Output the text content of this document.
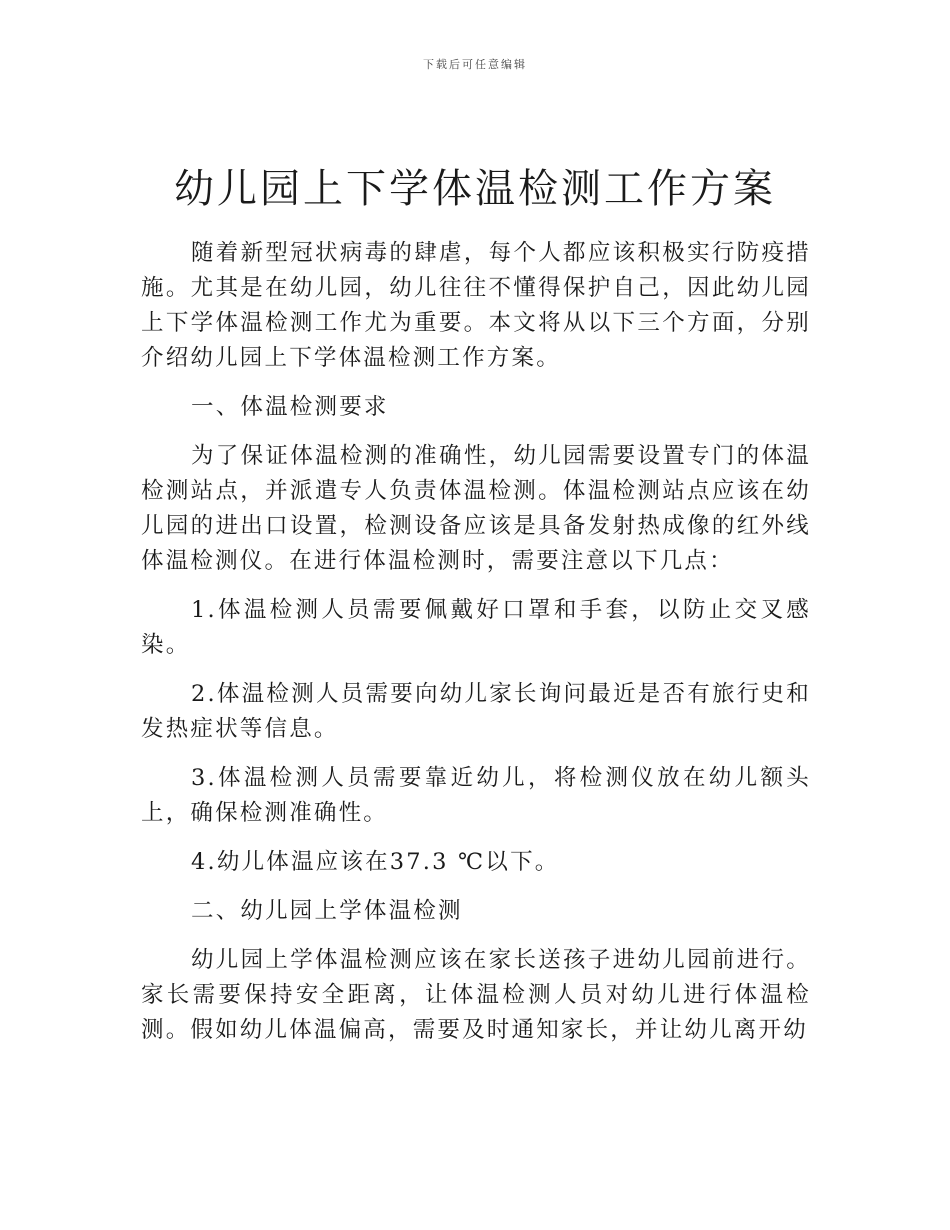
下载后可任意编辑
幼儿园上下学体温检测工作方案

随着新型冠状病毒的肆虐，每个人都应该积极实行防疫措施。尤其是在幼儿园，幼儿往往不懂得保护自己，因此幼儿园上下学体温检测工作尤为重要。本文将从以下三个方面，分别介绍幼儿园上下学体温检测工作方案。

一、体温检测要求

为了保证体温检测的准确性，幼儿园需要设置专门的体温检测站点，并派遣专人负责体温检测。体温检测站点应该在幼儿园的进出口设置，检测设备应该是具备发射热成像的红外线体温检测仪。在进行体温检测时，需要注意以下几点：

1.体温检测人员需要佩戴好口罩和手套，以防止交叉感染。

2.体温检测人员需要向幼儿家长询问最近是否有旅行史和发热症状等信息。

3.体温检测人员需要靠近幼儿，将检测仪放在幼儿额头上，确保检测准确性。

4.幼儿体温应该在37.3 ℃以下。

二、幼儿园上学体温检测

幼儿园上学体温检测应该在家长送孩子进幼儿园前进行。家长需要保持安全距离，让体温检测人员对幼儿进行体温检测。假如幼儿体温偏高，需要及时通知家长，并让幼儿离开幼
